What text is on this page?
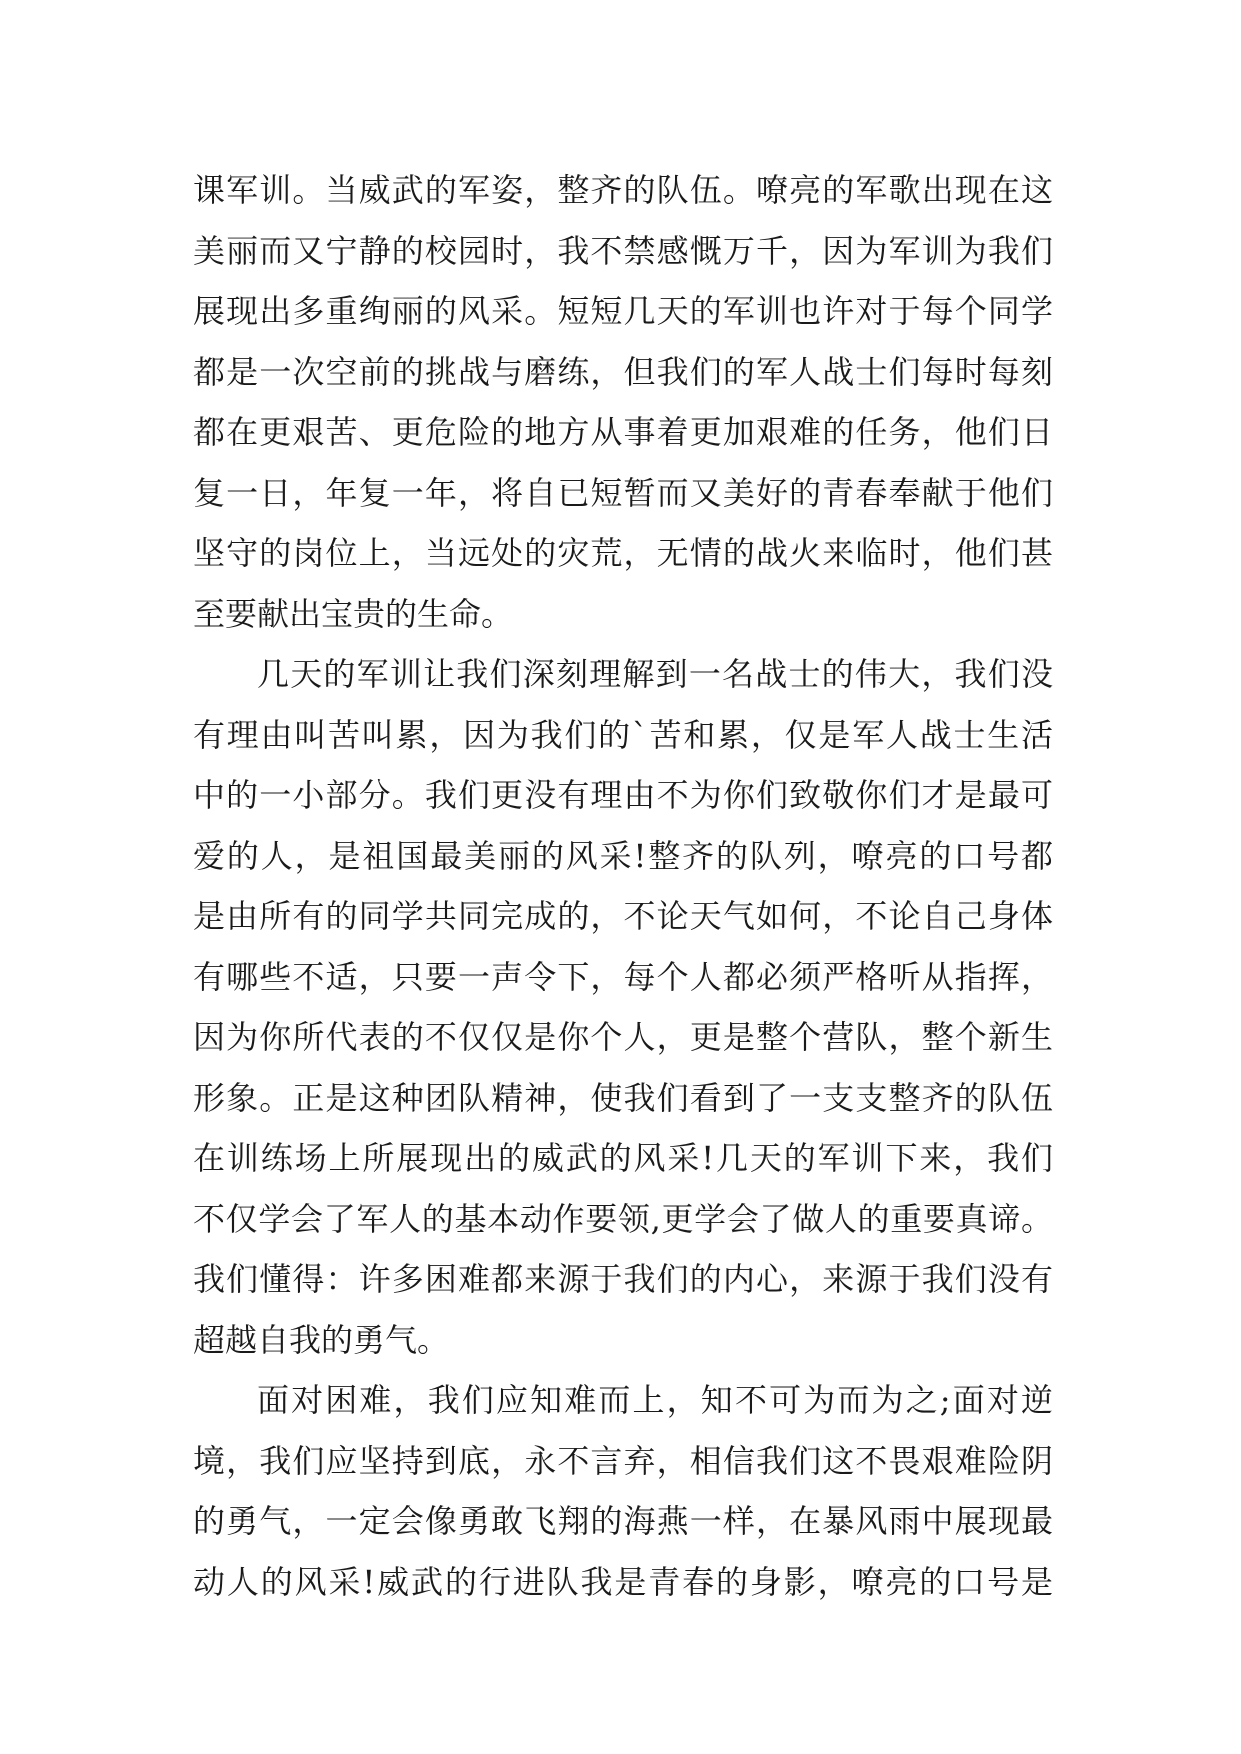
课军训。当威武的军姿，整齐的队伍。嘹亮的军歌出现在这
美丽而又宁静的校园时，我不禁感慨万千，因为军训为我们
展现出多重绚丽的风采。短短几天的军训也许对于每个同学
都是一次空前的挑战与磨练，但我们的军人战士们每时每刻
都在更艰苦、更危险的地方从事着更加艰难的任务，他们日
复一日，年复一年，将自已短暂而又美好的青春奉献于他们
坚守的岗位上，当远处的灾荒，无情的战火来临时，他们甚
至要献出宝贵的生命。
几天的军训让我们深刻理解到一名战士的伟大，我们没
有理由叫苦叫累，因为我们的`苦和累，仅是军人战士生活
中的一小部分。我们更没有理由不为你们致敬你们才是最可
爱的人，是祖国最美丽的风采!整齐的队列，嘹亮的口号都
是由所有的同学共同完成的，不论天气如何，不论自己身体
有哪些不适，只要一声令下，每个人都必须严格听从指挥，
因为你所代表的不仅仅是你个人，更是整个营队，整个新生
形象。正是这种团队精神，使我们看到了一支支整齐的队伍
在训练场上所展现出的威武的风采!几天的军训下来，我们
不仅学会了军人的基本动作要领,更学会了做人的重要真谛。
我们懂得：许多困难都来源于我们的内心，来源于我们没有
超越自我的勇气。
面对困难，我们应知难而上，知不可为而为之;面对逆
境，我们应坚持到底，永不言弃，相信我们这不畏艰难险阴
的勇气，一定会像勇敢飞翔的海燕一样，在暴风雨中展现最
动人的风采!威武的行进队我是青春的身影，嘹亮的口号是
